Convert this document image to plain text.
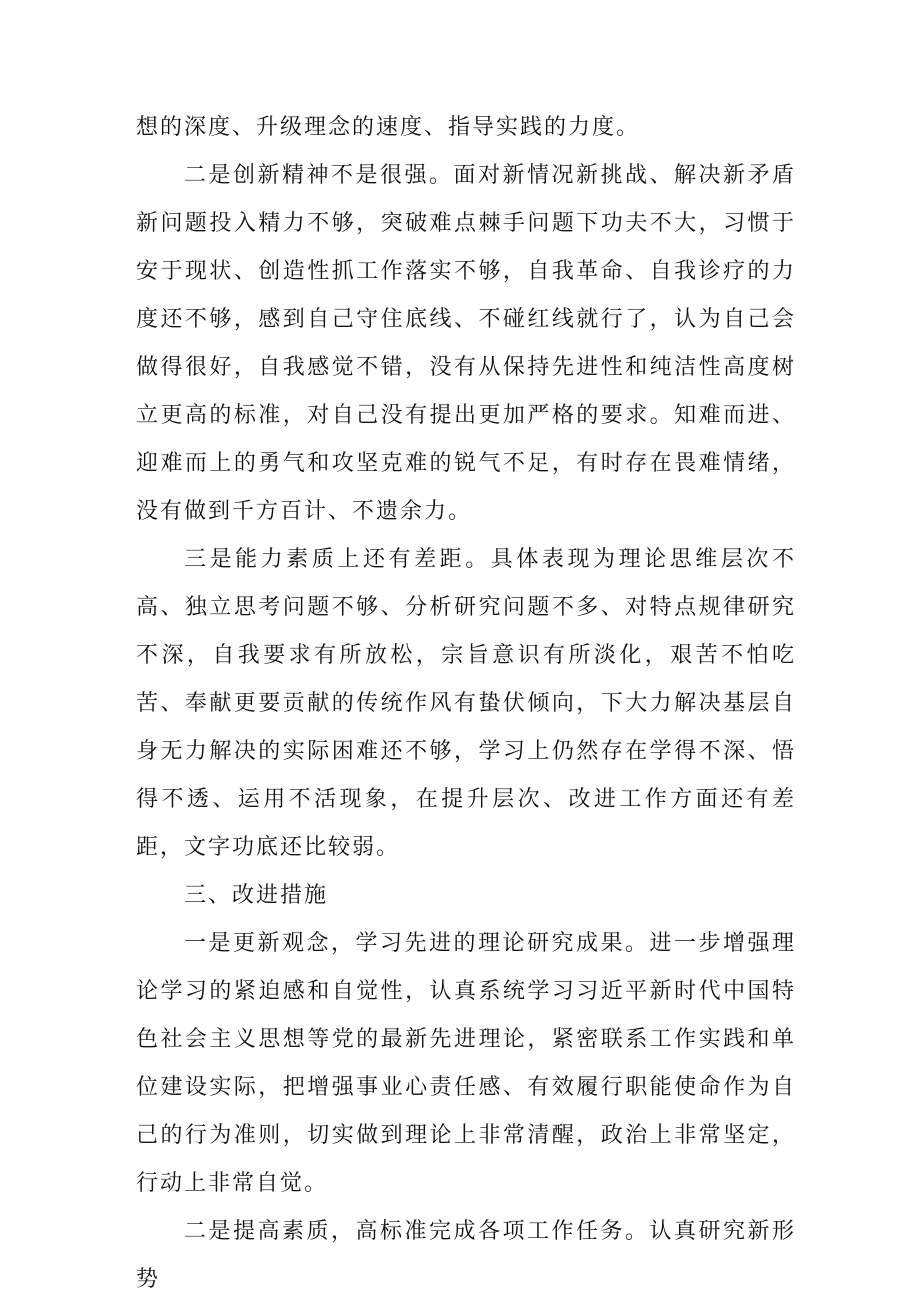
想的深度、升级理念的速度、指导实践的力度。

二是创新精神不是很强。面对新情况新挑战、解决新矛盾新问题投入精力不够，突破难点棘手问题下功夫不大，习惯于安于现状、创造性抓工作落实不够，自我革命、自我诊疗的力度还不够，感到自己守住底线、不碰红线就行了，认为自己会做得很好，自我感觉不错，没有从保持先进性和纯洁性高度树立更高的标准，对自己没有提出更加严格的要求。知难而进、迎难而上的勇气和攻坚克难的锐气不足，有时存在畏难情绪，没有做到千方百计、不遗余力。

三是能力素质上还有差距。具体表现为理论思维层次不高、独立思考问题不够、分析研究问题不多、对特点规律研究不深，自我要求有所放松，宗旨意识有所淡化，艰苦不怕吃苦、奉献更要贡献的传统作风有蛰伏倾向，下大力解决基层自身无力解决的实际困难还不够，学习上仍然存在学得不深、悟得不透、运用不活现象，在提升层次、改进工作方面还有差距，文字功底还比较弱。

三、改进措施

一是更新观念，学习先进的理论研究成果。进一步增强理论学习的紧迫感和自觉性，认真系统学习习近平新时代中国特色社会主义思想等党的最新先进理论，紧密联系工作实践和单位建设实际，把增强事业心责任感、有效履行职能使命作为自己的行为准则，切实做到理论上非常清醒，政治上非常坚定，行动上非常自觉。

二是提高素质，高标准完成各项工作任务。认真研究新形势
